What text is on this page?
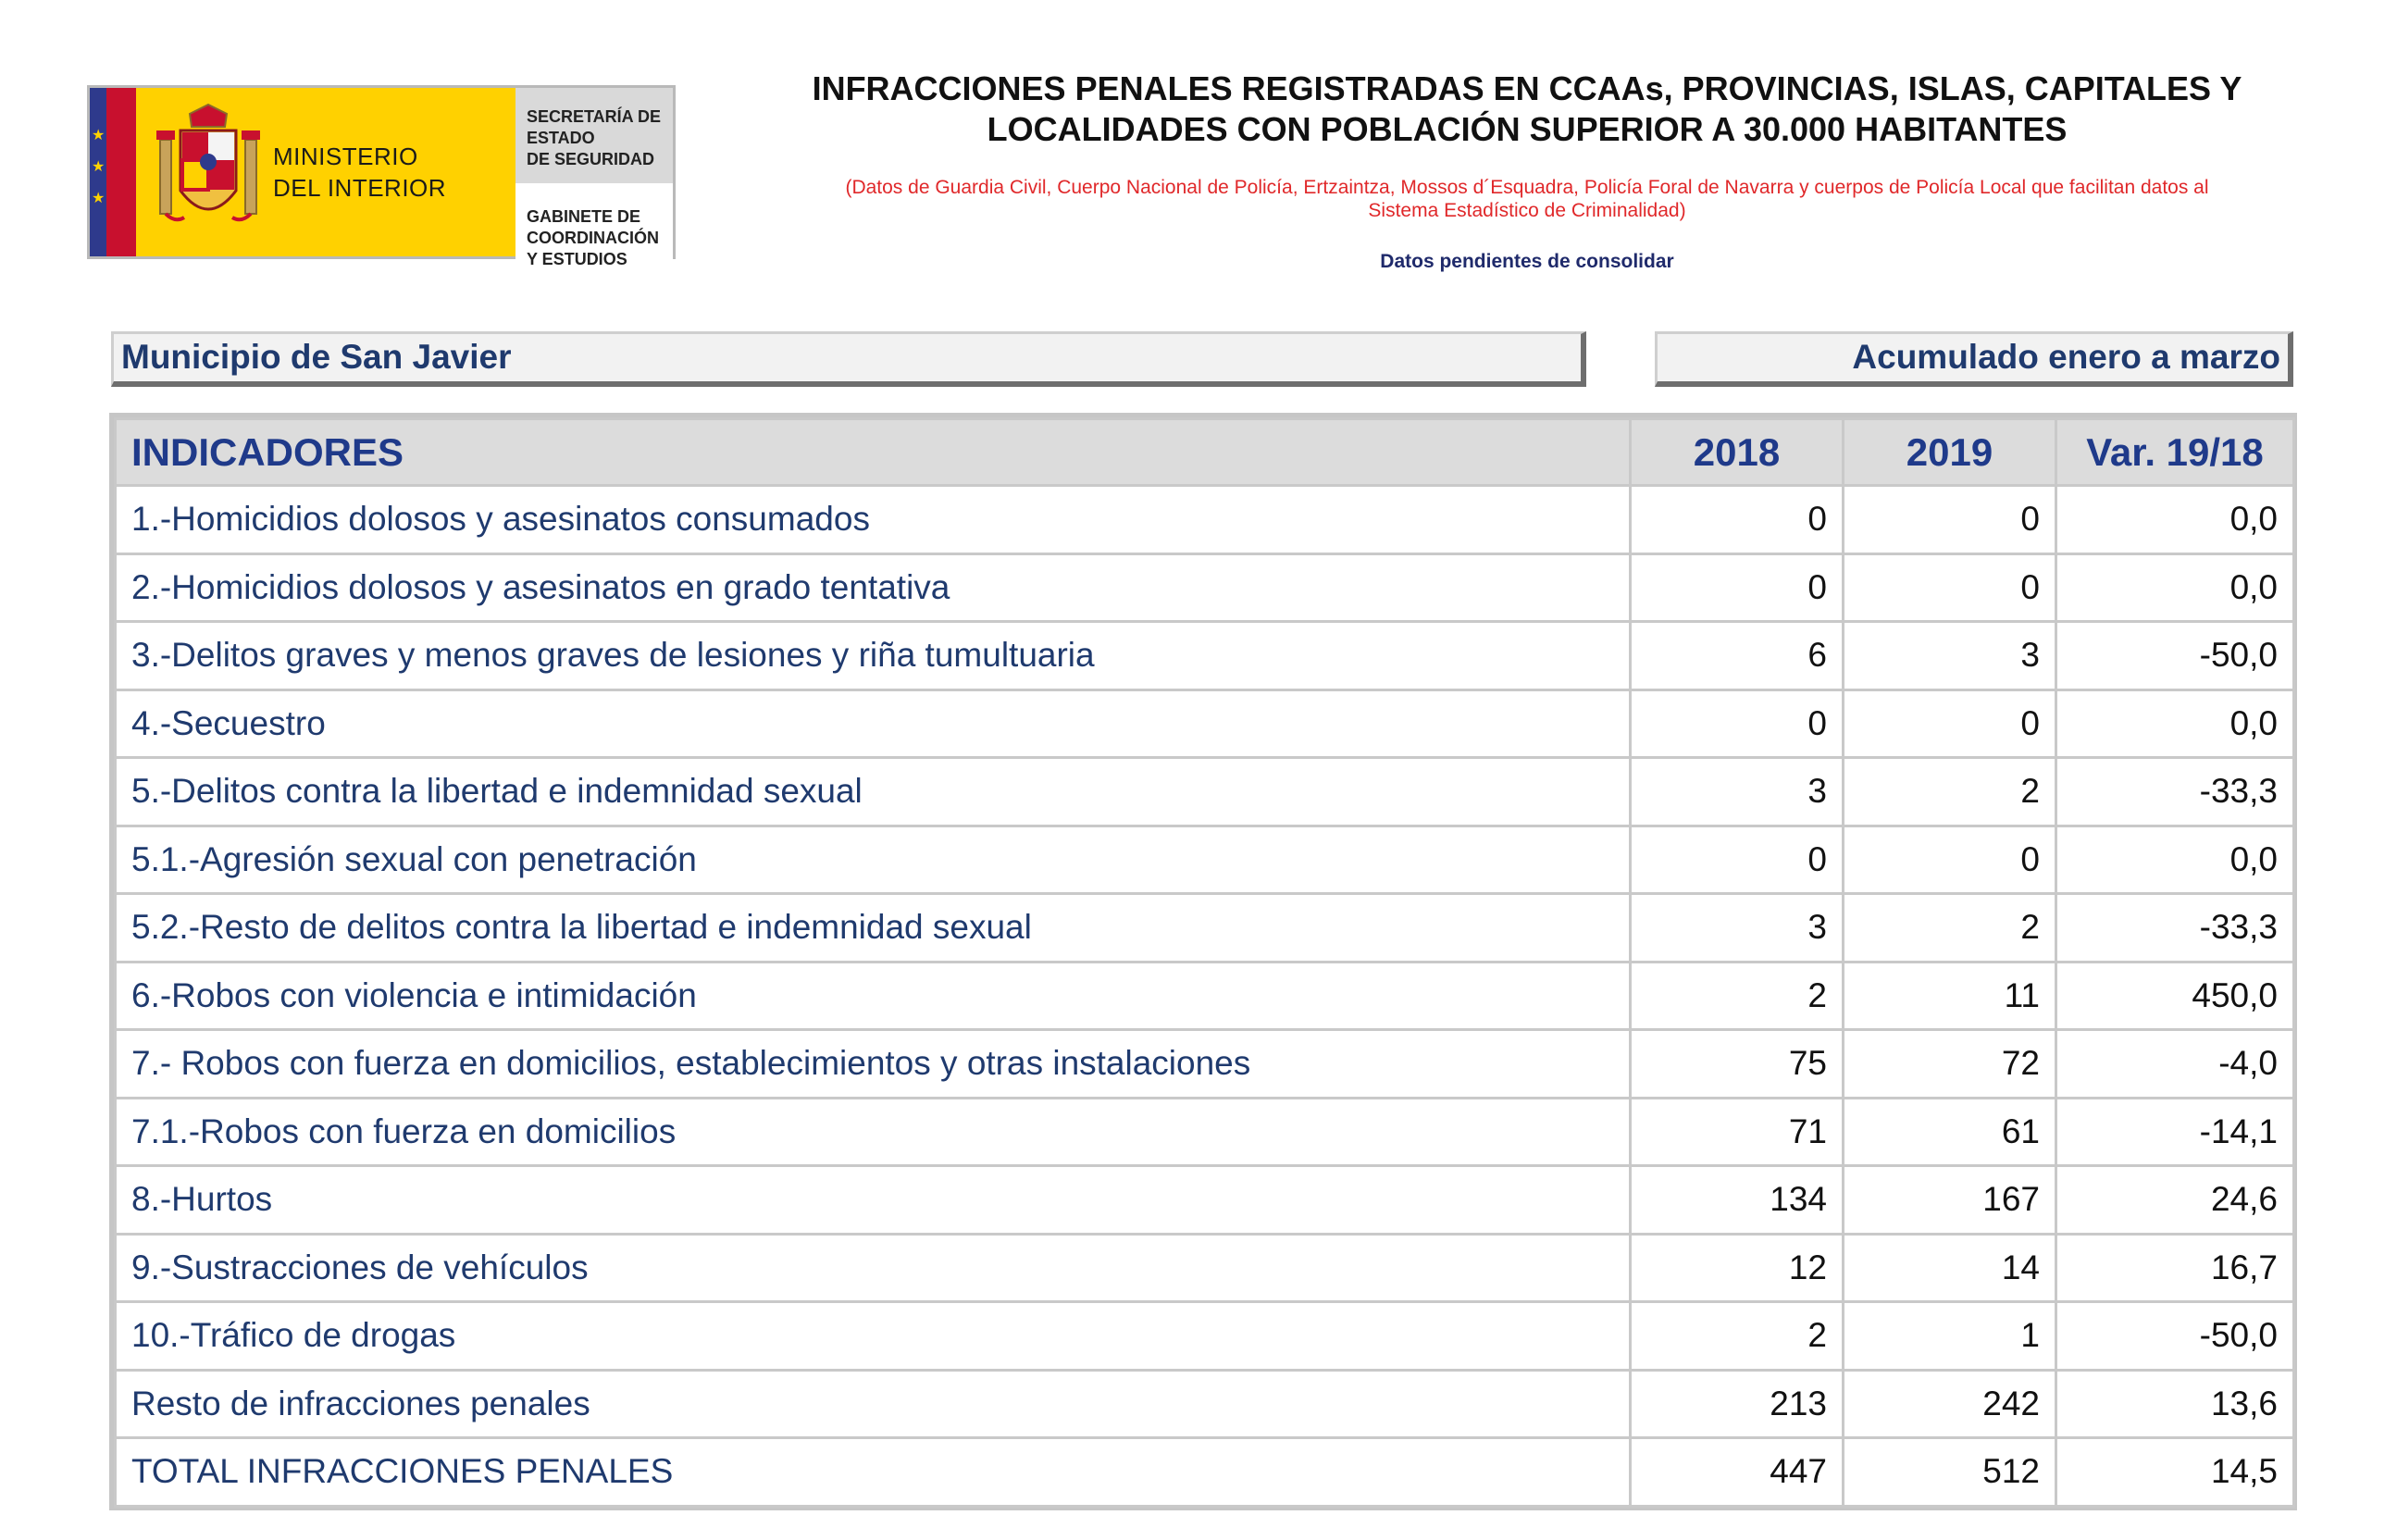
★
★
★
MINISTERIO
DEL INTERIOR
SECRETARÍA DE ESTADO
DE SEGURIDAD
GABINETE DE COORDINACIÓN
Y ESTUDIOS
INFRACCIONES PENALES REGISTRADAS EN CCAAs, PROVINCIAS, ISLAS, CAPITALES Y
LOCALIDADES CON POBLACIÓN SUPERIOR A 30.000 HABITANTES
(Datos de Guardia Civil, Cuerpo Nacional de Policía, Ertzaintza, Mossos d´Esquadra, Policía Foral de Navarra y cuerpos de Policía Local que facilitan datos al
Sistema Estadístico de Criminalidad)
Datos pendientes de consolidar
Municipio de San Javier	Acumulado enero a marzo
INDICADORES	2018	2019	Var. 19/18
1.-Homicidios dolosos y asesinatos consumados	0	0	0,0
2.-Homicidios dolosos y asesinatos en grado tentativa	0	0	0,0
3.-Delitos graves y menos graves de lesiones y riña tumultuaria	6	3	-50,0
4.-Secuestro	0	0	0,0
5.-Delitos contra la libertad e indemnidad sexual	3	2	-33,3
5.1.-Agresión sexual con penetración	0	0	0,0
5.2.-Resto de delitos contra la libertad e indemnidad sexual	3	2	-33,3
6.-Robos con violencia e intimidación	2	11	450,0
7.- Robos con fuerza en domicilios, establecimientos y otras instalaciones	75	72	-4,0
7.1.-Robos con fuerza en domicilios	71	61	-14,1
8.-Hurtos	134	167	24,6
9.-Sustracciones de vehículos	12	14	16,7
10.-Tráfico de drogas	2	1	-50,0
Resto de infracciones penales	213	242	13,6
TOTAL INFRACCIONES PENALES	447	512	14,5
